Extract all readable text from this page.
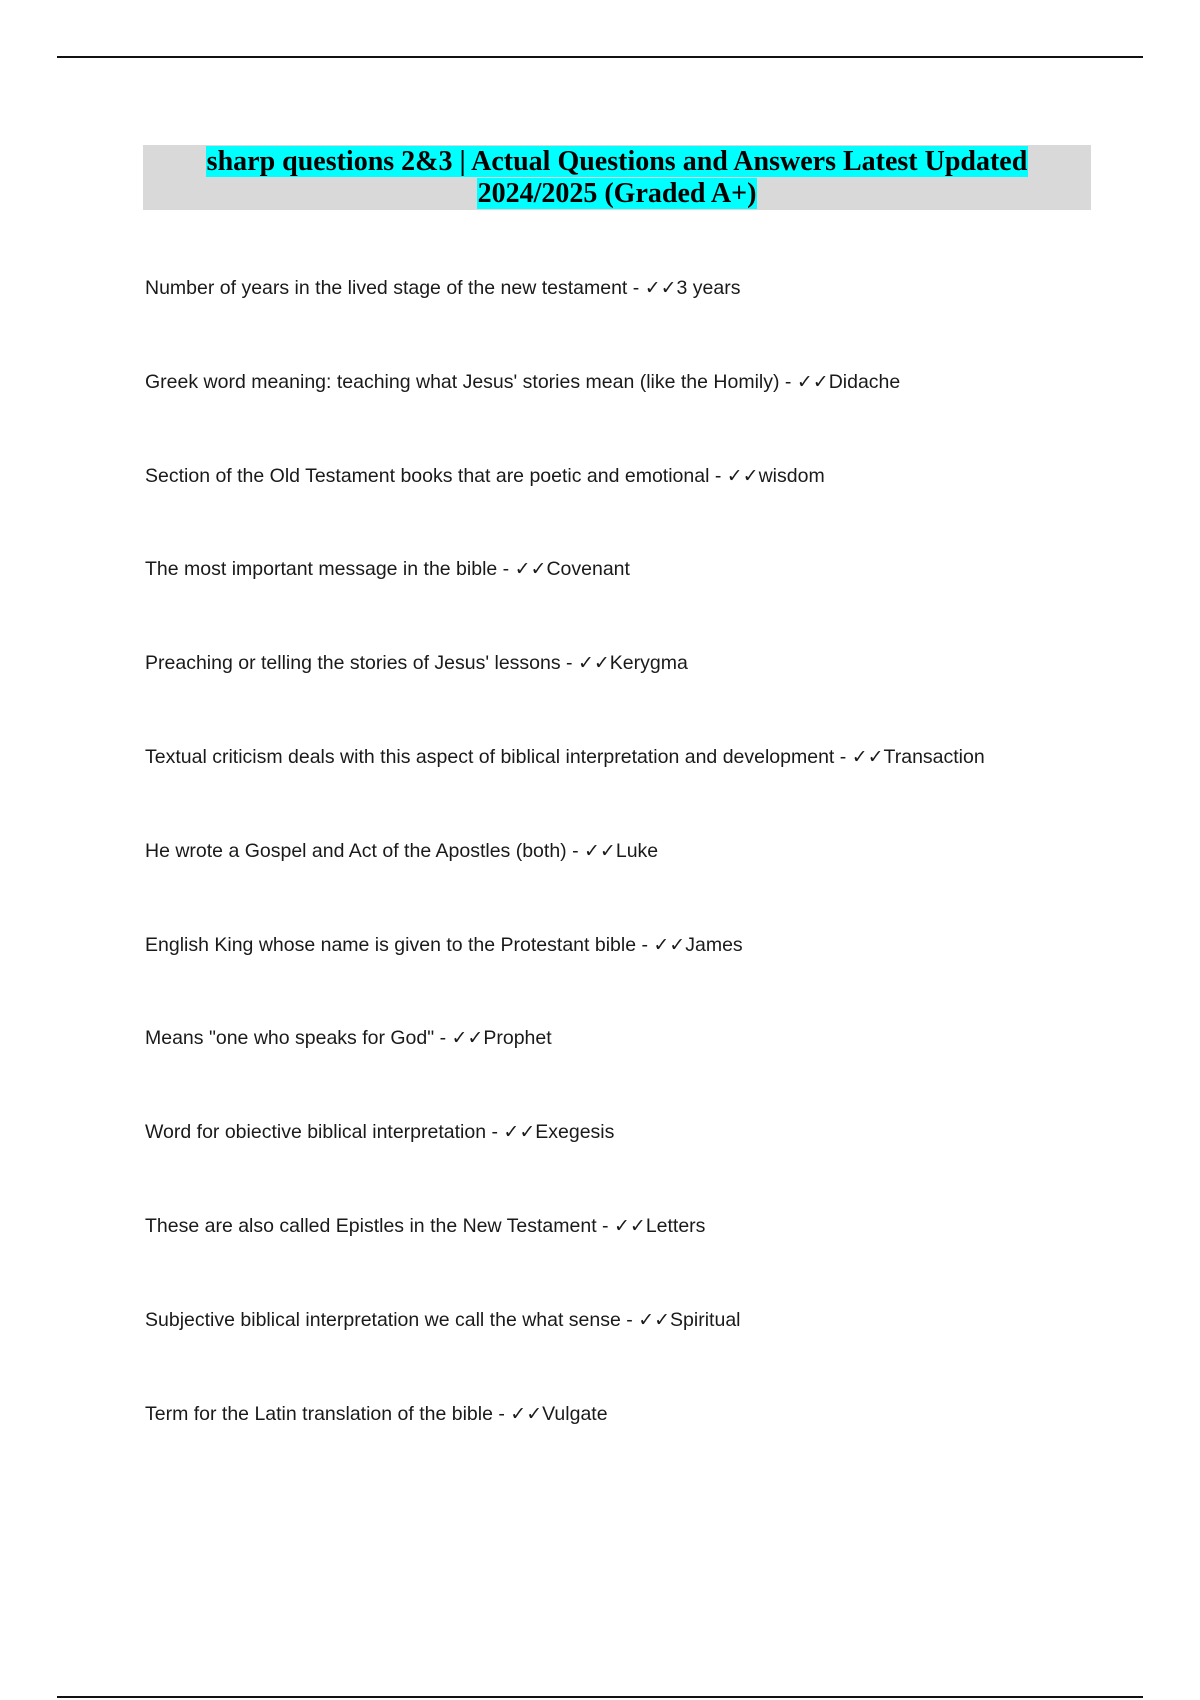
sharp questions 2&3 | Actual Questions and Answers Latest Updated
2024/2025 (Graded A+)
Number of years in the lived stage of the new testament - ✓✓3 years
Greek word meaning: teaching what Jesus' stories mean (like the Homily) - ✓✓Didache
Section of the Old Testament books that are poetic and emotional - ✓✓wisdom
The most important message in the bible - ✓✓Covenant
Preaching or telling the stories of Jesus' lessons - ✓✓Kerygma
Textual criticism deals with this aspect of biblical interpretation and development - ✓✓Transaction
He wrote a Gospel and Act of the Apostles (both) - ✓✓Luke
English King whose name is given to the Protestant bible - ✓✓James
Means "one who speaks for God" - ✓✓Prophet
Word for obiective biblical interpretation - ✓✓Exegesis
These are also called Epistles in the New Testament - ✓✓Letters
Subjective biblical interpretation we call the what sense - ✓✓Spiritual
Term for the Latin translation of the bible - ✓✓Vulgate
